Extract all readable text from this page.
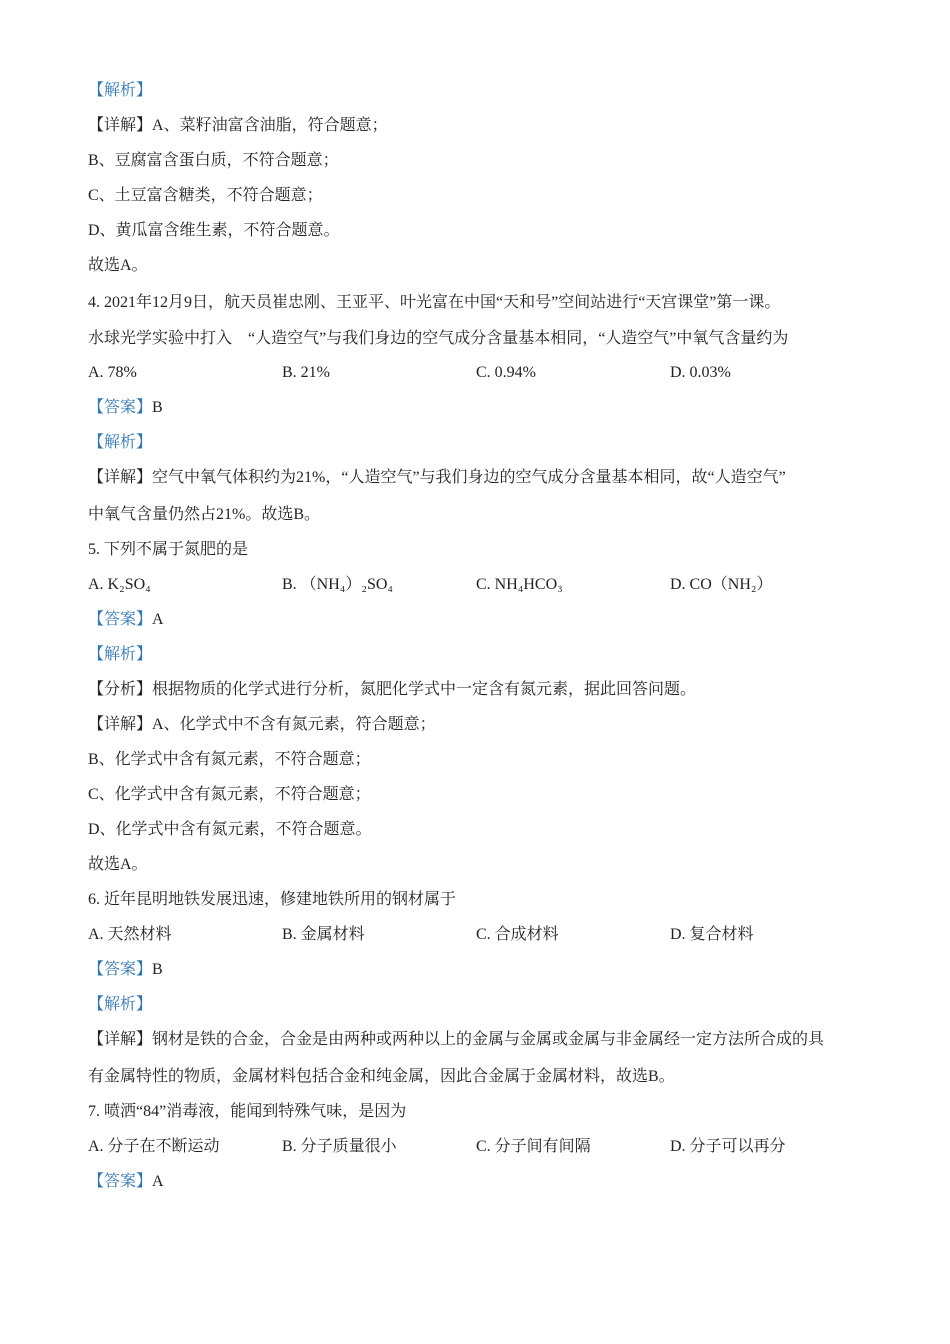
【解析】
【详解】A、菜籽油富含油脂，符合题意；
B、豆腐富含蛋白质，不符合题意；
C、土豆富含糖类，不符合题意；
D、黄瓜富含维生素，不符合题意。
故选A。
4. 2021年12月9日，航天员崔忠刚、王亚平、叶光富在中国“天和号”空间站进行“天宫课堂”第一课。
水球光学实验中打入　“人造空气”与我们身边的空气成分含量基本相同，“人造空气”中氧气含量约为
A. 78%	B. 21%	C. 0.94%	D. 0.03%
【答案】B
【解析】
【详解】空气中氧气体积约为21%，“人造空气”与我们身边的空气成分含量基本相同，故“人造空气”
中氧气含量仍然占21%。故选B。
5. 下列不属于氮肥的是
A. K₂SO₄	B. （NH₄）₂SO₄	C. NH₄HCO₃	D. CO（NH₂）
【答案】A
【解析】
【分析】根据物质的化学式进行分析，氮肥化学式中一定含有氮元素，据此回答问题。
【详解】A、化学式中不含有氮元素，符合题意；
B、化学式中含有氮元素，不符合题意；
C、化学式中含有氮元素，不符合题意；
D、化学式中含有氮元素，不符合题意。
故选A。
6. 近年昆明地铁发展迅速，修建地铁所用的钢材属于
A. 天然材料	B. 金属材料	C. 合成材料	D. 复合材料
【答案】B
【解析】
【详解】钢材是铁的合金，合金是由两种或两种以上的金属与金属或金属与非金属经一定方法所合成的具
有金属特性的物质，金属材料包括合金和纯金属，因此合金属于金属材料，故选B。
7. 喷洒“84”消毒液，能闻到特殊气味，是因为
A. 分子在不断运动	B. 分子质量很小	C. 分子间有间隔	D. 分子可以再分
【答案】A
